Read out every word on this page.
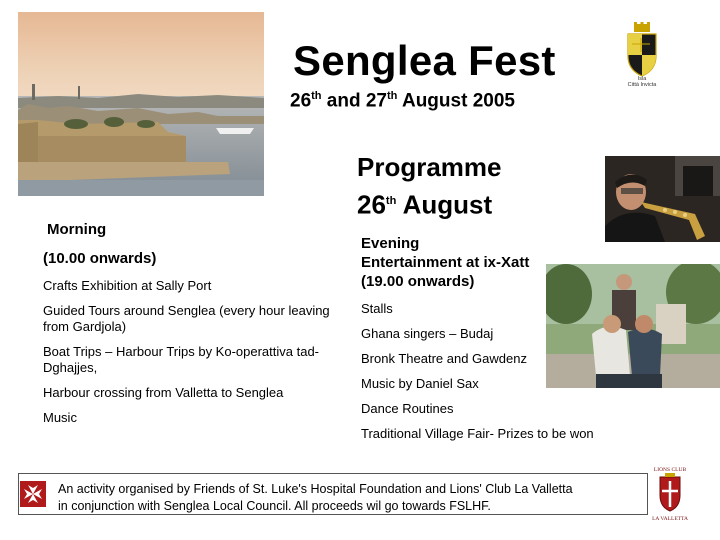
Isla
Città Invicta
Senglea Fest
26th and 27th August 2005
Programme
26th August
Morning
(10.00 onwards)
Crafts Exhibition at Sally Port
Guided Tours around Senglea (every hour leaving from Gardjola)
Boat Trips – Harbour Trips by Ko-operattiva tad-Dghajjes,
Harbour crossing from Valletta to Senglea
Music
Evening
Entertainment at ix-Xatt
(19.00 onwards)
Stalls
Ghana singers – Budaj
Bronk Theatre and Gawdenz
Music by Daniel Sax
Dance Routines
Traditional Village Fair- Prizes to be won
An activity organised by Friends of St. Luke's Hospital Foundation and Lions' Club La Valletta
in conjunction with Senglea Local Council. All proceeds wil go towards FSLHF.
LIONS CLUB
LA VALLETTA
